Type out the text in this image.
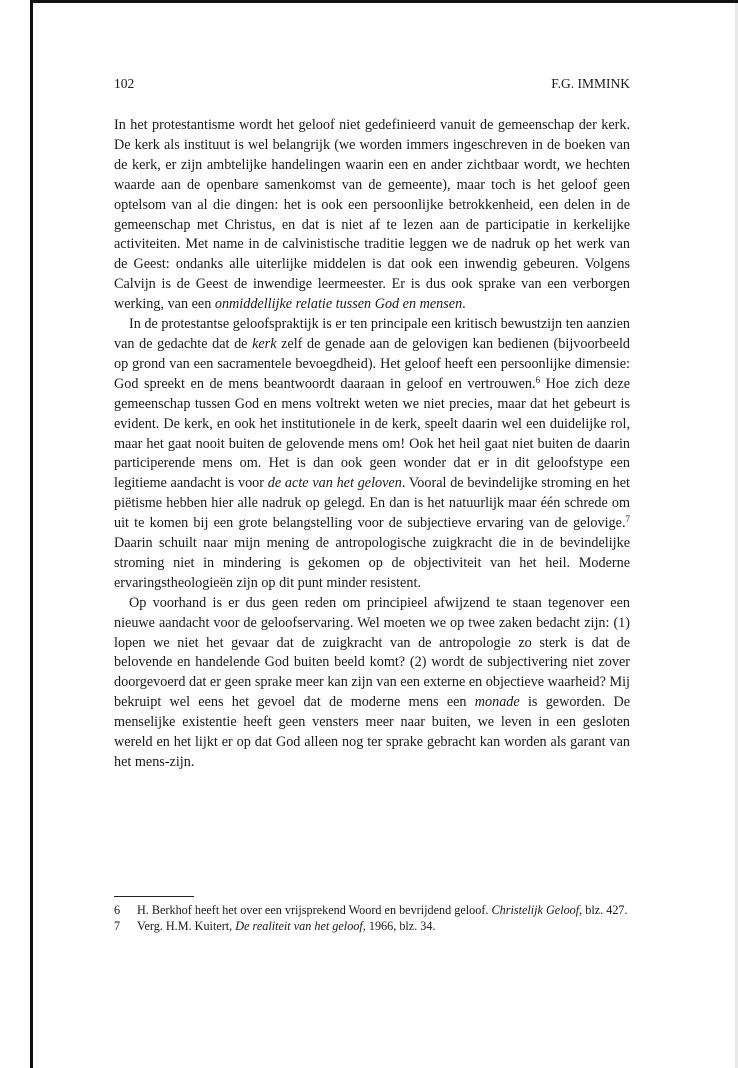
102	F.G. IMMINK

In het protestantisme wordt het geloof niet gedefinieerd vanuit de gemeenschap der kerk. De kerk als instituut is wel belangrijk (we worden immers ingeschreven in de boeken van de kerk, er zijn ambtelijke handelingen waarin een en ander zichtbaar wordt, we hechten waarde aan de openbare samenkomst van de gemeente), maar toch is het geloof geen optelsom van al die dingen: het is ook een persoonlijke betrokkenheid, een delen in de gemeenschap met Christus, en dat is niet af te lezen aan de participatie in kerkelijke activiteiten. Met name in de calvinistische traditie leggen we de nadruk op het werk van de Geest: ondanks alle uiterlijke middelen is dat ook een inwendig gebeuren. Volgens Calvijn is de Geest de inwendige leermeester. Er is dus ook sprake van een verborgen werking, van een onmiddellijke relatie tussen God en mensen.

In de protestantse geloofspraktijk is er ten principale een kritisch bewustzijn ten aanzien van de gedachte dat de kerk zelf de genade aan de gelovigen kan bedienen (bijvoorbeeld op grond van een sacramentele bevoegdheid). Het geloof heeft een persoonlijke dimensie: God spreekt en de mens beantwoordt daaraan in geloof en vertrouwen.$^6$ Hoe zich deze gemeenschap tussen God en mens voltrekt weten we niet precies, maar dat het gebeurt is evident. De kerk, en ook het institutionele in de kerk, speelt daarin wel een duidelijke rol, maar het gaat nooit buiten de gelovende mens om! Ook het heil gaat niet buiten de daarin participerende mens om. Het is dan ook geen wonder dat er in dit geloofstype een legitieme aandacht is voor de acte van het geloven. Vooral de bevindelijke stroming en het piëtisme hebben hier alle nadruk op gelegd. En dan is het natuurlijk maar één schrede om uit te komen bij een grote belangstelling voor de subjectieve ervaring van de gelovige.$^7$ Daarin schuilt naar mijn mening de antropologische zuigkracht die in de bevindelijke stroming niet in mindering is gekomen op de objectiviteit van het heil. Moderne ervaringstheologieën zijn op dit punt minder resistent.

Op voorhand is er dus geen reden om principieel afwijzend te staan tegenover een nieuwe aandacht voor de geloofservaring. Wel moeten we op twee zaken bedacht zijn: (1) lopen we niet het gevaar dat de zuigkracht van de antropologie zo sterk is dat de belovende en handelende God buiten beeld komt? (2) wordt de subjectivering niet zover doorgevoerd dat er geen sprake meer kan zijn van een externe en objectieve waarheid? Mij bekruipt wel eens het gevoel dat de moderne mens een monade is geworden. De menselijke existentie heeft geen vensters meer naar buiten, we leven in een gesloten wereld en het lijkt er op dat God alleen nog ter sprake gebracht kan worden als garant van het mens-zijn.

6 H. Berkhof heeft het over een vrijsprekend Woord en bevrijdend geloof. Christelijk Geloof, blz. 427.
7 Verg. H.M. Kuitert, De realiteit van het geloof, 1966, blz. 34.
